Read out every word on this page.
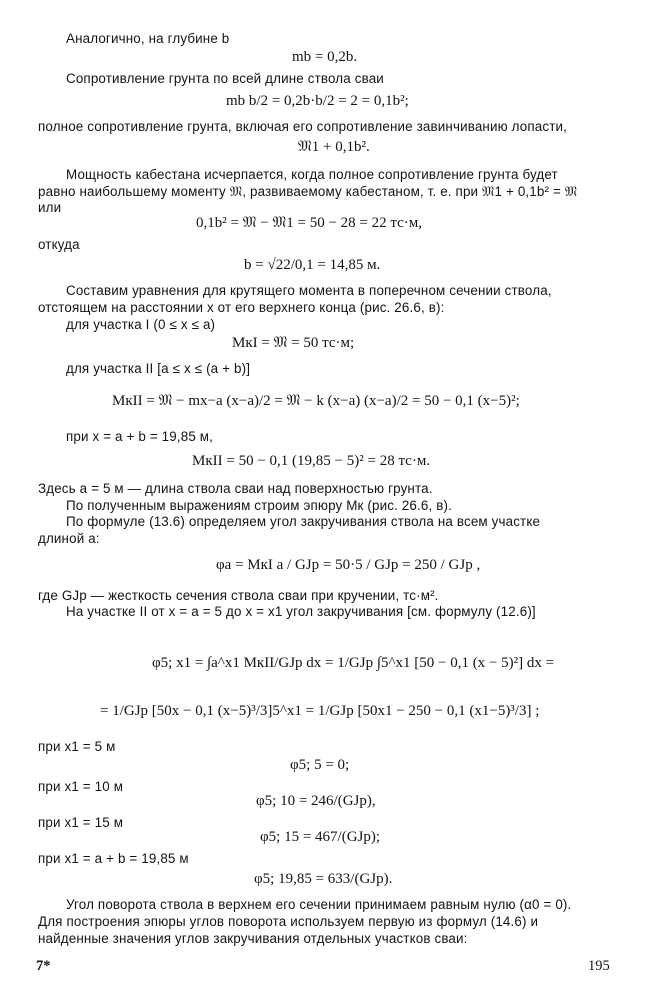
Аналогично, на глубине b
mb = 0,2b.
Сопротивление грунта по всей длине ствола сваи
mb b/2 = 0,2b·b/2 = 2 = 0,1b²;
полное сопротивление грунта, включая его сопротивление завинчиванию лопасти,
𝔐1 + 0,1b².
Мощность кабестана исчерпается, когда полное сопротивление грунта будет
равно наибольшему моменту 𝔐, развиваемому кабестаном, т. е. при 𝔐1 + 0,1b² = 𝔐
или
0,1b² = 𝔐 − 𝔐1 = 50 − 28 = 22 тс·м,
откуда
b = √22/0,1 = 14,85 м.
Составим уравнения для крутящего момента в поперечном сечении ствола,
отстоящем на расстоянии x от его верхнего конца (рис. 26.6, в):
для участка I (0 ≤ x ≤ a)
MкI = 𝔐 = 50 тс·м;
для участка II [a ≤ x ≤ (a + b)]
MкII = 𝔐 − mx−a (x−a)/2 = 𝔐 − k (x−a) (x−a)/2 = 50 − 0,1 (x−5)²;
при x = a + b = 19,85 м,
MкII = 50 − 0,1 (19,85 − 5)² = 28 тс·м.
Здесь a = 5 м — длина ствола сваи над поверхностью грунта.
По полученным выражениям строим эпюру Mк (рис. 26.6, в).
По формуле (13.6) определяем угол закручивания ствола на всем участке
длиной a:
φa = MкI a / GJp = 50·5 / GJp = 250 / GJp ,
где GJp — жесткость сечения ствола сваи при кручении, тс·м².
На участке II от x = a = 5 до x = x1 угол закручивания [см. формулу (12.6)]
φ5; x1 = ∫a^x1 MкII/GJp dx = 1/GJp ∫5^x1 [50 − 0,1 (x − 5)²] dx =
= 1/GJp [50x − 0,1 (x−5)³/3]5^x1 = 1/GJp [50x1 − 250 − 0,1 (x1−5)³/3] ;
при x1 = 5 м
φ5; 5 = 0;
при x1 = 10 м
φ5; 10 = 246/(GJp),
при x1 = 15 м
φ5; 15 = 467/(GJp);
при x1 = a + b = 19,85 м
φ5; 19,85 = 633/(GJp).
Угол поворота ствола в верхнем его сечении принимаем равным нулю (α0 = 0).
Для построения эпюры углов поворота используем первую из формул (14.6) и
найденные значения углов закручивания отдельных участков сваи:
7*	195
